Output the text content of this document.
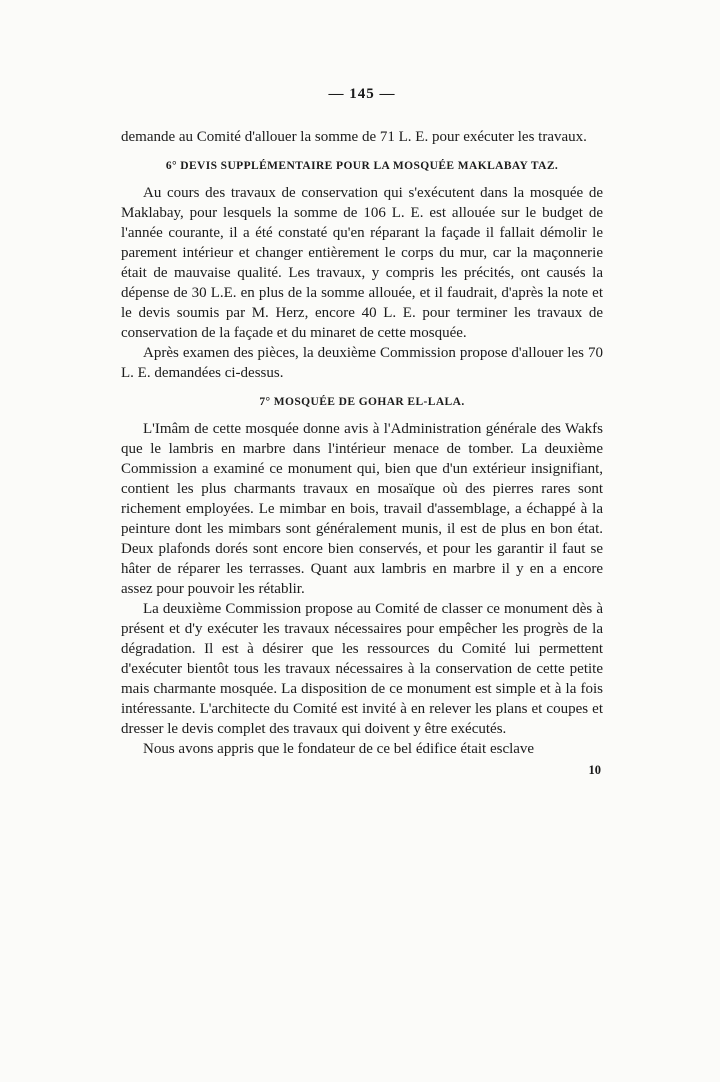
— 145 —

demande au Comité d'allouer la somme de 71 L. E. pour exécuter les travaux.

6° DEVIS SUPPLÉMENTAIRE POUR LA MOSQUÉE MAKLABAY TAZ.

Au cours des travaux de conservation qui s'exécutent dans la mosquée de Maklabay, pour lesquels la somme de 106 L. E. est allouée sur le budget de l'année courante, il a été constaté qu'en réparant la façade il fallait démolir le parement intérieur et changer entièrement le corps du mur, car la maçonnerie était de mauvaise qualité. Les travaux, y compris les précités, ont causés la dépense de 30 L.E. en plus de la somme allouée, et il faudrait, d'après la note et le devis soumis par M. Herz, encore 40 L. E. pour terminer les travaux de conservation de la façade et du minaret de cette mosquée.

Après examen des pièces, la deuxième Commission propose d'allouer les 70 L. E. demandées ci-dessus.

7° MOSQUÉE DE GOHAR EL-LALA.

L'Imâm de cette mosquée donne avis à l'Administration générale des Wakfs que le lambris en marbre dans l'intérieur menace de tomber. La deuxième Commission a examiné ce monument qui, bien que d'un extérieur insignifiant, contient les plus charmants travaux en mosaïque où des pierres rares sont richement employées. Le mimbar en bois, travail d'assemblage, a échappé à la peinture dont les mimbars sont généralement munis, il est de plus en bon état. Deux plafonds dorés sont encore bien conservés, et pour les garantir il faut se hâter de réparer les terrasses. Quant aux lambris en marbre il y en a encore assez pour pouvoir les rétablir.

La deuxième Commission propose au Comité de classer ce monument dès à présent et d'y exécuter les travaux nécessaires pour empêcher les progrès de la dégradation. Il est à désirer que les ressources du Comité lui permettent d'exécuter bientôt tous les travaux nécessaires à la conservation de cette petite mais charmante mosquée. La disposition de ce monument est simple et à la fois intéressante. L'architecte du Comité est invité à en relever les plans et coupes et dresser le devis complet des travaux qui doivent y être exécutés.

Nous avons appris que le fondateur de ce bel édifice était esclave

10
